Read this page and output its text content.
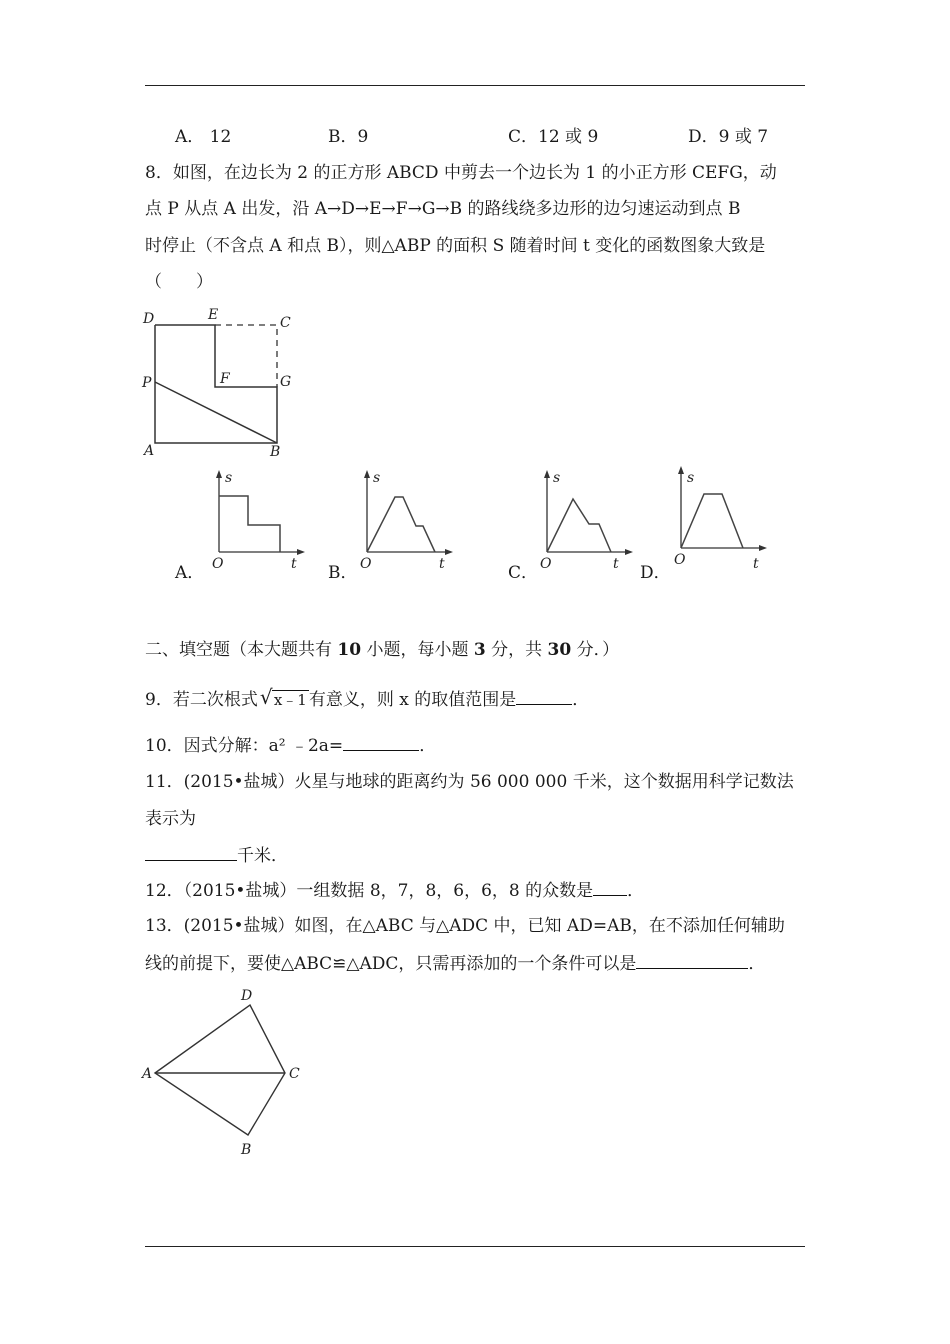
A． 12	B．9	C．12 或 9	D．9 或 7
8．如图，在边长为 2 的正方形 ABCD 中剪去一个边长为 1 的小正方形 CEFG，动
点 P 从点 A 出发，沿 A→D→E→F→G→B 的路线绕多边形的边匀速运动到点 B
时停止（不含点 A 和点 B），则△ABP 的面积 S 随着时间 t 变化的函数图象大致是
（　　）
D	E	C
P	F	G
A	B
s
O	t
A．
s
O	t
B．
s
O	t
C．
s
O	t
D．
二、填空题（本大题共有 10 小题，每小题 3 分，共 30 分．）
9．若二次根式 √ x﹣1 有意义，则 x 的取值范围是	．
10．因式分解：a² ﹣2a=	．
11．(2015•盐城）火星与地球的距离约为 56 000 000 千米，这个数据用科学记数法
表示为
千米．
12．（2015•盐城）一组数据 8，7，8，6，6，8 的众数是 ．
13．(2015•盐城）如图，在△ABC 与△ADC 中，已知 AD=AB，在不添加任何辅助
线的前提下，要使△ABC≌△ADC，只需再添加的一个条件可以是	．
D
A	C
B
